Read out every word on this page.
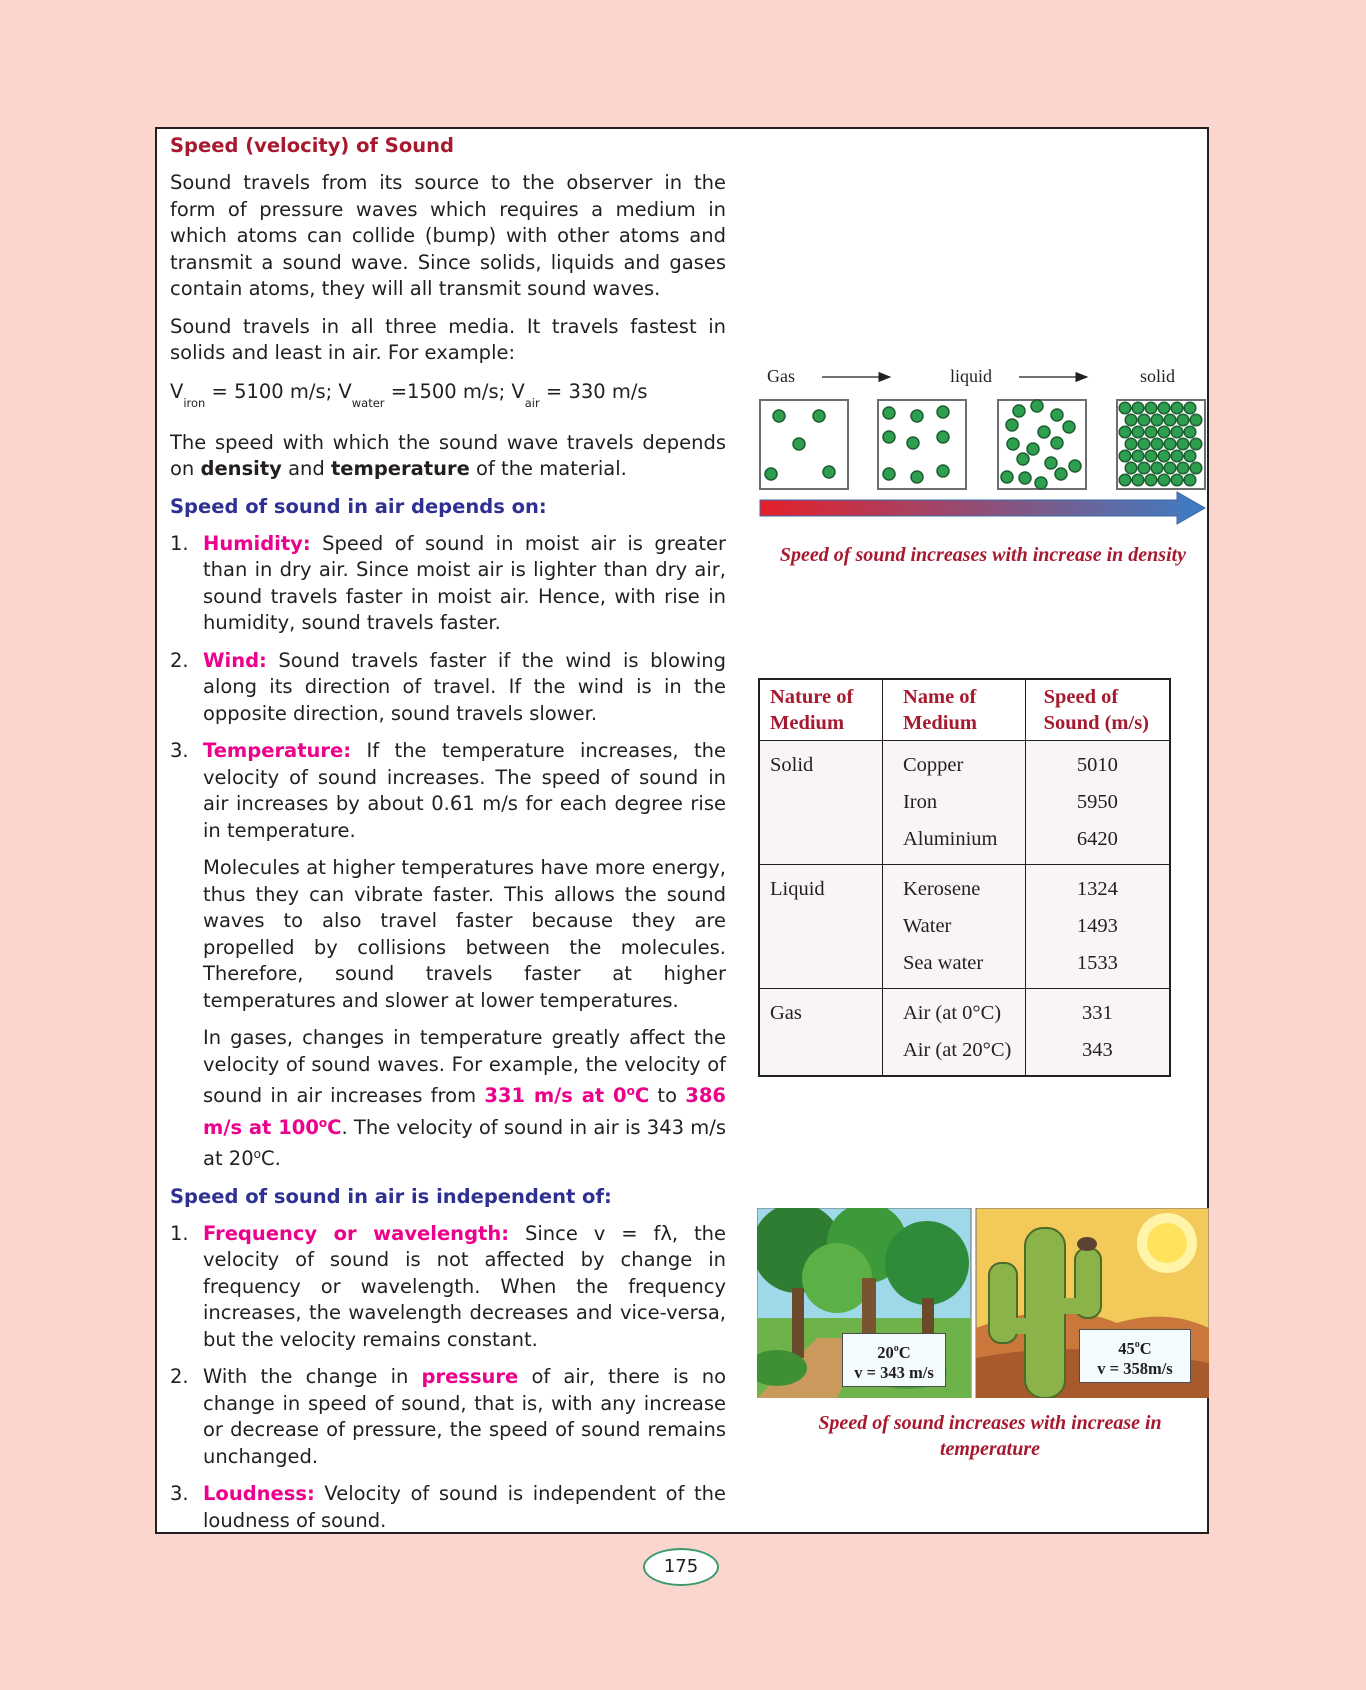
Speed (velocity) of Sound

Sound travels from its source to the observer in the form of pressure waves which requires a medium in which atoms can collide (bump) with other atoms and transmit a sound wave. Since solids, liquids and gases contain atoms, they will all transmit sound waves.

Sound travels in all three media. It travels fastest in solids and least in air. For example:

$V_{iron} = 5100$ m/s; $V_{water} =1500$ m/s; $V_{air} = 330$ m/s

The speed with which the sound wave travels depends on density and temperature of the material.

Speed of sound in air depends on:
1. Humidity: Speed of sound in moist air is greater than in dry air. Since moist air is lighter than dry air, sound travels faster in moist air. Hence, with rise in humidity, sound travels faster.
2. Wind: Sound travels faster if the wind is blowing along its direction of travel. If the wind is in the opposite direction, sound travels slower.
3. Temperature: If the temperature increases, the velocity of sound increases. The speed of sound in air increases by about 0.61 m/s for each degree rise in temperature.

Molecules at higher temperatures have more energy, thus they can vibrate faster. This allows the sound waves to also travel faster because they are propelled by collisions between the molecules. Therefore, sound travels faster at higher temperatures and slower at lower temperatures.

In gases, changes in temperature greatly affect the velocity of sound waves. For example, the velocity of sound in air increases from 331 m/s at 0$^o$C to 386 m/s at 100$^o$C. The velocity of sound in air is 343 m/s at 20$^o$C.

Speed of sound in air is independent of:
1. Frequency or wavelength: Since v = fλ, the velocity of sound is not affected by change in frequency or wavelength. When the frequency increases, the wavelength decreases and vice-versa, but the velocity remains constant.
2. With the change in pressure of air, there is no change in speed of sound, that is, with any increase or decrease of pressure, the speed of sound remains unchanged.
3. Loudness: Velocity of sound is independent of the loudness of sound.
Gas	liquid	solid
Speed of sound increases with increase in density
Nature of Medium	Name of Medium	Speed of Sound (m/s)
Solid	Copper	5010
	Iron	5950
	Aluminium	6420
Liquid	Kerosene	1324
	Water	1493
	Sea water	1533
Gas	Air (at 0°C)	331
	Air (at 20°C)	343
20$^o$C
v = 343 m/s
45$^o$C
v = 358m/s
Speed of sound increases with increase in temperature
175
